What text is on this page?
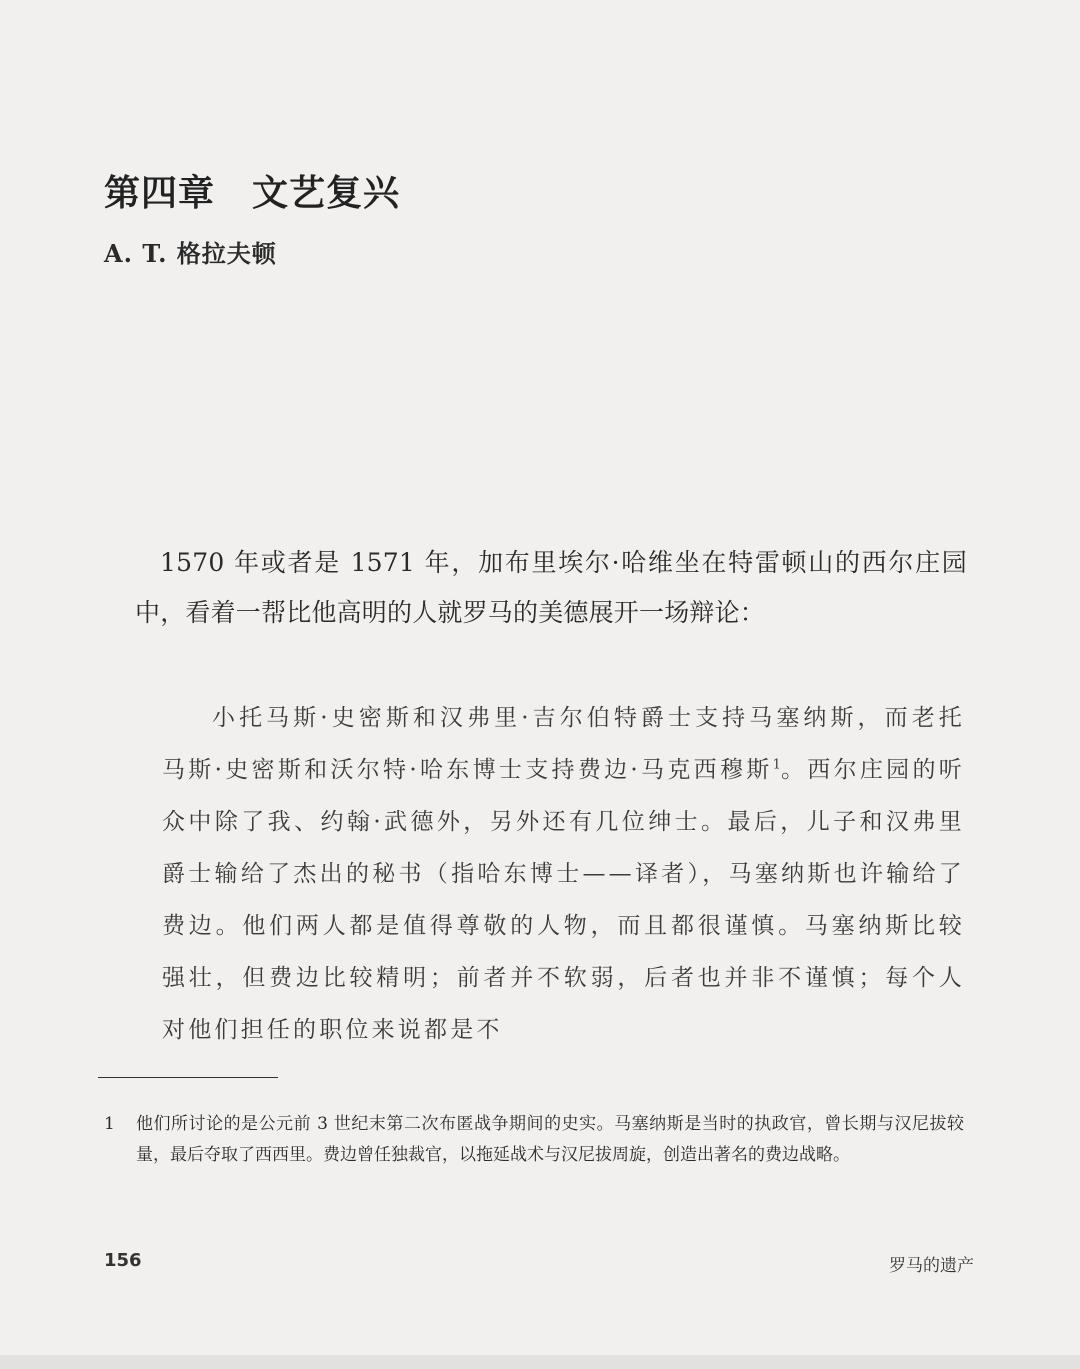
第四章　文艺复兴
A. T. 格拉夫顿

1570 年或者是 1571 年，加布里埃尔·哈维坐在特雷顿山的西尔庄园中，看着一帮比他高明的人就罗马的美德展开一场辩论：

小托马斯·史密斯和汉弗里·吉尔伯特爵士支持马塞纳斯，而老托马斯·史密斯和沃尔特·哈东博士支持费边·马克西穆斯$^1$。西尔庄园的听众中除了我、约翰·武德外，另外还有几位绅士。最后，儿子和汉弗里爵士输给了杰出的秘书（指哈东博士——译者），马塞纳斯也许输给了费边。他们两人都是值得尊敬的人物，而且都很谨慎。马塞纳斯比较强壮，但费边比较精明；前者并不软弱，后者也并非不谨慎；每个人对他们担任的职位来说都是不

1 他们所讨论的是公元前 3 世纪末第二次布匿战争期间的史实。马塞纳斯是当时的执政官，曾长期与汉尼拔较量，最后夺取了西西里。费边曾任独裁官，以拖延战术与汉尼拔周旋，创造出著名的费边战略。
156	罗马的遗产
